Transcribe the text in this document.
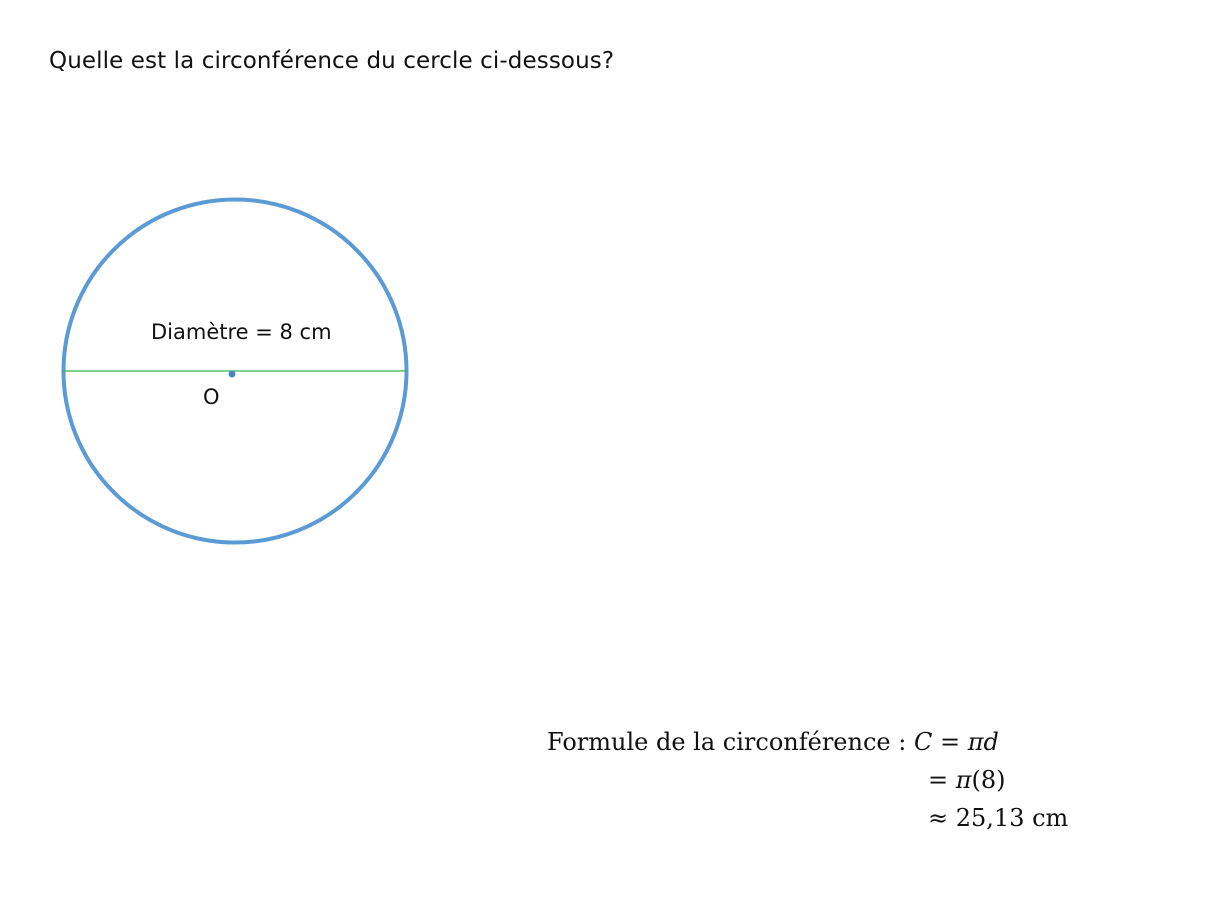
Quelle est la circonférence du cercle ci-dessous?
Diamètre = 8 cm
O
Formule de la circonférence : C = πd
= π(8)
≈ 25,13 cm
